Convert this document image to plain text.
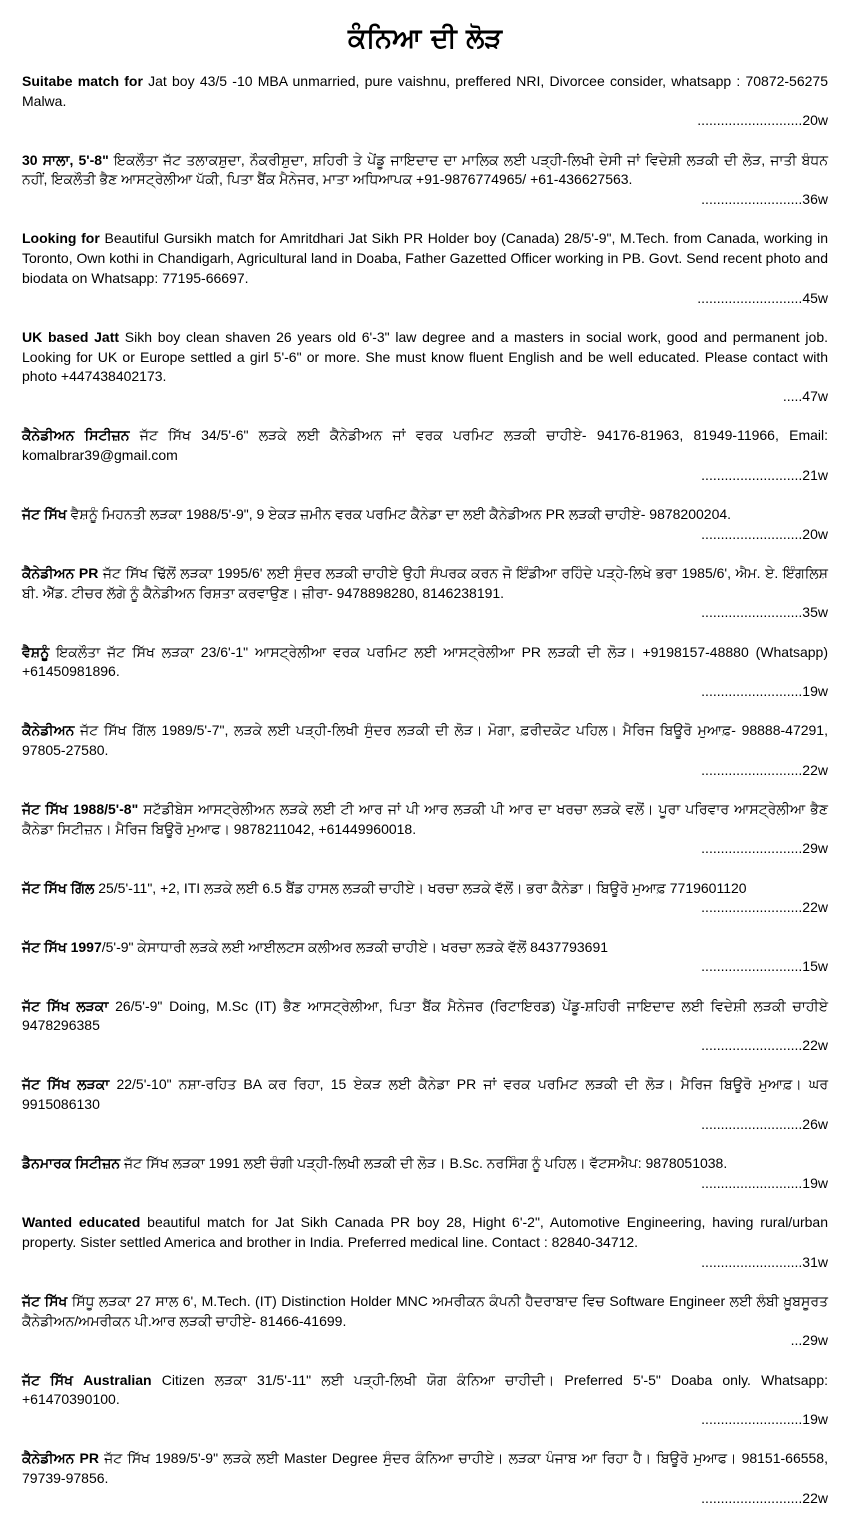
ਕੰਨਿਆ ਦੀ ਲੋੜ
Suitabe match for Jat boy 43/5 -10 MBA unmarried, pure vaishnu, preffered NRI, Divorcee consider, whatsapp : 70872-56275 Malwa.
...........................20w
30 ਸਾਲਾ, 5'-8" ਇਕਲੌਤਾ ਜੱਟ ਤਲਾਕਸ਼ੁਦਾ, ਨੌਕਰੀਸ਼ੁਦਾ, ਸ਼ਹਿਰੀ ਤੇ ਪੇਂਡੂ ਜਾਇਦਾਦ ਦਾ ਮਾਲਿਕ ਲਈ ਪੜ੍ਹੀ-ਲਿਖੀ ਦੇਸੀ ਜਾਂ ਵਿਦੇਸ਼ੀ ਲੜਕੀ ਦੀ ਲੋੜ, ਜਾਤੀ ਬੰਧਨ ਨਹੀਂ, ਇਕਲੌਤੀ ਭੈਣ ਆਸਟ੍ਰੇਲੀਆ ਪੱਕੀ, ਪਿਤਾ ਬੈਂਕ ਮੈਨੇਜਰ, ਮਾਤਾ ਅਧਿਆਪਕ +91-9876774965/ +61-436627563.
..........................36w
Looking for Beautiful Gursikh match for Amritdhari Jat Sikh PR Holder boy (Canada) 28/5'-9", M.Tech. from Canada, working in Toronto, Own kothi in Chandigarh, Agricultural land in Doaba, Father Gazetted Officer working in PB. Govt. Send recent photo and biodata on Whatsapp: 77195-66697.
...........................45w
UK based Jatt Sikh boy clean shaven 26 years old 6'-3" law degree and a masters in social work, good and permanent job. Looking for UK or Europe settled a girl 5'-6" or more. She must know fluent English and be well educated. Please contact with photo +447438402173.
.....47w
ਕੈਨੇਡੀਅਨ ਸਿਟੀਜ਼ਨ ਜੱਟ ਸਿੱਖ 34/5'-6" ਲੜਕੇ ਲਈ ਕੈਨੇਡੀਅਨ ਜਾਂ ਵਰਕ ਪਰਮਿਟ ਲੜਕੀ ਚਾਹੀਏ- 94176-81963, 81949-11966, Email: komalbrar39@gmail.com
..........................21w
ਜੱਟ ਸਿੱਖ ਵੈਸ਼ਨੂੰ ਮਿਹਨਤੀ ਲੜਕਾ 1988/5'-9", 9 ਏਕੜ ਜ਼ਮੀਨ ਵਰਕ ਪਰਮਿਟ ਕੈਨੇਡਾ ਦਾ ਲਈ ਕੈਨੇਡੀਅਨ PR ਲੜਕੀ ਚਾਹੀਏ- 9878200204.
..........................20w
ਕੈਨੇਡੀਅਨ PR ਜੱਟ ਸਿੱਖ ਢਿੱਲੋਂ ਲੜਕਾ 1995/6' ਲਈ ਸੁੰਦਰ ਲੜਕੀ ਚਾਹੀਏ ਉਹੀ ਸੰਪਰਕ ਕਰਨ ਜੋ ਇੰਡੀਆ ਰਹਿੰਦੇ ਪੜ੍ਹੇ-ਲਿਖੇ ਭਰਾ 1985/6', ਐਮ. ਏ. ਇੰਗਲਿਸ਼ ਬੀ. ਐੱਡ. ਟੀਚਰ ਲੱਗੇ ਨੂੰ ਕੈਨੇਡੀਅਨ ਰਿਸ਼ਤਾ ਕਰਵਾਉਣ। ਜ਼ੀਰਾ- 9478898280, 8146238191.
..........................35w
ਵੈਸ਼ਨੂੰ ਇਕਲੌਤਾ ਜੱਟ ਸਿੱਖ ਲੜਕਾ 23/6'-1" ਆਸਟ੍ਰੇਲੀਆ ਵਰਕ ਪਰਮਿਟ ਲਈ ਆਸਟ੍ਰੇਲੀਆ PR ਲੜਕੀ ਦੀ ਲੋੜ। +9198157-48880 (Whatsapp) +61450981896.
..........................19w
ਕੈਨੇਡੀਅਨ ਜੱਟ ਸਿੱਖ ਗਿੱਲ 1989/5'-7", ਲੜਕੇ ਲਈ ਪੜ੍ਹੀ-ਲਿਖੀ ਸੁੰਦਰ ਲੜਕੀ ਦੀ ਲੋੜ। ਮੋਗਾ, ਫ਼ਰੀਦਕੋਟ ਪਹਿਲ। ਮੈਰਿਜ ਬਿਊਰੋ ਮੁਆਫ਼- 98888-47291, 97805-27580.
..........................22w
ਜੱਟ ਸਿੱਖ 1988/5'-8" ਸਟੱਡੀਬੇਸ ਆਸਟ੍ਰੇਲੀਅਨ ਲੜਕੇ ਲਈ ਟੀ ਆਰ ਜਾਂ ਪੀ ਆਰ ਲੜਕੀ ਪੀ ਆਰ ਦਾ ਖਰਚਾ ਲੜਕੇ ਵਲੋਂ। ਪੂਰਾ ਪਰਿਵਾਰ ਆਸਟ੍ਰੇਲੀਆ ਭੈਣ ਕੈਨੇਡਾ ਸਿਟੀਜ਼ਨ। ਮੈਰਿਜ ਬਿਊਰੋ ਮੁਆਫ। 9878211042, +61449960018.
..........................29w
ਜੱਟ ਸਿੱਖ ਗਿੱਲ 25/5'-11", +2, ITI ਲੜਕੇ ਲਈ 6.5 ਬੈਂਡ ਹਾਸਲ ਲੜਕੀ ਚਾਹੀਏ। ਖਰਚਾ ਲੜਕੇ ਵੱਲੋਂ। ਭਰਾ ਕੈਨੇਡਾ। ਬਿਊਰੋ ਮੁਆਫ਼ 7719601120
..........................22w
ਜੱਟ ਸਿੱਖ 1997/5'-9" ਕੇਸਾਧਾਰੀ ਲੜਕੇ ਲਈ ਆਈਲਟਸ ਕਲੀਅਰ ਲੜਕੀ ਚਾਹੀਏ। ਖਰਚਾ ਲੜਕੇ ਵੱਲੋਂ 8437793691
..........................15w
ਜੱਟ ਸਿੱਖ ਲੜਕਾ 26/5'-9" Doing, M.Sc (IT) ਭੈਣ ਆਸਟ੍ਰੇਲੀਆ, ਪਿਤਾ ਬੈਂਕ ਮੈਨੇਜਰ (ਰਿਟਾਇਰਡ) ਪੇਂਡੂ-ਸ਼ਹਿਰੀ ਜਾਇਦਾਦ ਲਈ ਵਿਦੇਸ਼ੀ ਲੜਕੀ ਚਾਹੀਏ 9478296385
..........................22w
ਜੱਟ ਸਿੱਖ ਲੜਕਾ 22/5'-10" ਨਸ਼ਾ-ਰਹਿਤ BA ਕਰ ਰਿਹਾ, 15 ਏਕੜ ਲਈ ਕੈਨੇਡਾ PR ਜਾਂ ਵਰਕ ਪਰਮਿਟ ਲੜਕੀ ਦੀ ਲੋੜ। ਮੈਰਿਜ ਬਿਊਰੋ ਮੁਆਫ਼। ਘਰ 9915086130
..........................26w
ਡੈਨਮਾਰਕ ਸਿਟੀਜ਼ਨ ਜੱਟ ਸਿੱਖ ਲੜਕਾ 1991 ਲਈ ਚੰਗੀ ਪੜ੍ਹੀ-ਲਿਖੀ ਲੜਕੀ ਦੀ ਲੋੜ। B.Sc. ਨਰਸਿੰਗ ਨੂੰ ਪਹਿਲ। ਵੱਟਸਐਪ: 9878051038.
..........................19w
Wanted educated beautiful match for Jat Sikh Canada PR boy 28, Hight 6'-2", Automotive Engineering, having rural/urban property. Sister settled America and brother in India. Preferred medical line. Contact : 82840-34712.
..........................31w
ਜੱਟ ਸਿੱਖ ਸਿੱਧੂ ਲੜਕਾ 27 ਸਾਲ 6', M.Tech. (IT) Distinction Holder MNC ਅਮਰੀਕਨ ਕੰਪਨੀ ਹੈਦਰਾਬਾਦ ਵਿਚ Software Engineer ਲਈ ਲੰਬੀ ਖ਼ੂਬਸੂਰਤ ਕੈਨੇਡੀਅਨ/ਅਮਰੀਕਨ ਪੀ.ਆਰ ਲੜਕੀ ਚਾਹੀਏ- 81466-41699.
...29w
ਜੱਟ ਸਿੱਖ Australian Citizen ਲੜਕਾ 31/5'-11" ਲਈ ਪੜ੍ਹੀ-ਲਿਖੀ ਯੋਗ ਕੰਨਿਆ ਚਾਹੀਦੀ। Preferred 5'-5" Doaba only. Whatsapp: +61470390100.
..........................19w
ਕੈਨੇਡੀਅਨ PR ਜੱਟ ਸਿੱਖ 1989/5'-9" ਲੜਕੇ ਲਈ Master Degree ਸੁੰਦਰ ਕੰਨਿਆ ਚਾਹੀਏ। ਲੜਕਾ ਪੰਜਾਬ ਆ ਰਿਹਾ ਹੈ। ਬਿਊਰੋ ਮੁਆਫ। 98151-66558, 79739-97856.
..........................22w
